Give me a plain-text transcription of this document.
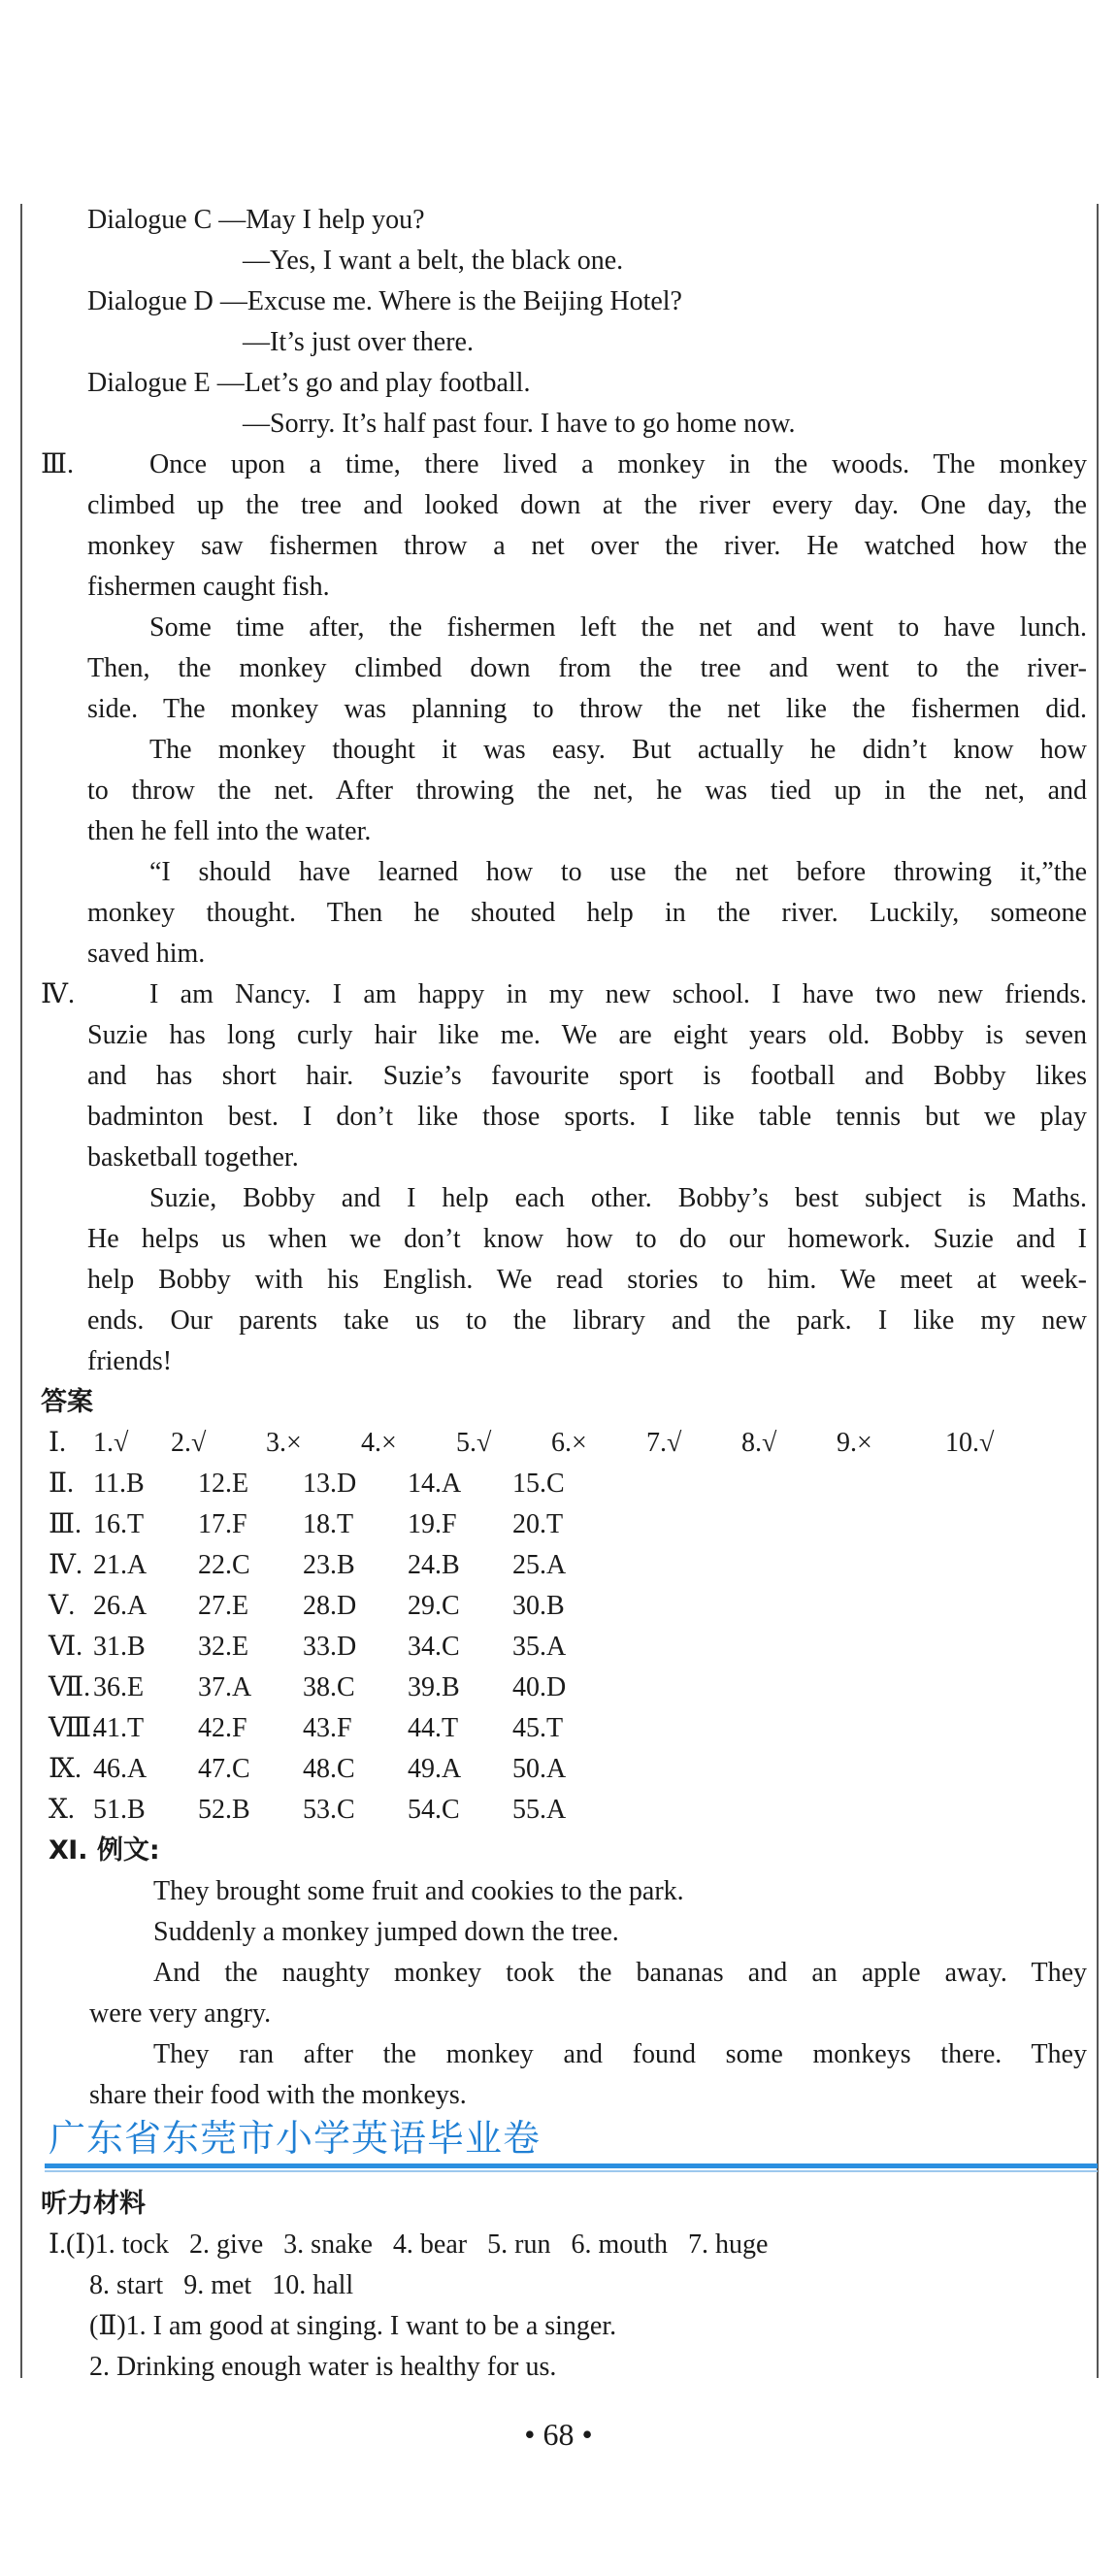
Dialogue C —May I help you?
—Yes, I want a belt, the black one.
Dialogue D —Excuse me. Where is the Beijing Hotel?
—It’s just over there.
Dialogue E —Let’s go and play football.
—Sorry. It’s half past four. I have to go home now.
Ⅲ.	Once upon a time, there lived a monkey in the woods. The monkey
climbed up the tree and looked down at the river every day. One day, the
monkey saw fishermen throw a net over the river. He watched how the
fishermen caught fish.
Some time after, the fishermen left the net and went to have lunch.
Then, the monkey climbed down from the tree and went to the river-
side. The monkey was planning to throw the net like the fishermen did.
The monkey thought it was easy. But actually he didn’t know how
to throw the net. After throwing the net, he was tied up in the net, and
then he fell into the water.
“I should have learned how to use the net before throwing it,”the
monkey thought. Then he shouted help in the river. Luckily, someone
saved him.
Ⅳ.	I am Nancy. I am happy in my new school. I have two new friends.
Suzie has long curly hair like me. We are eight years old. Bobby is seven
and has short hair. Suzie’s favourite sport is football and Bobby likes
badminton best. I don’t like those sports. I like table tennis but we play
basketball together.
Suzie, Bobby and I help each other. Bobby’s best subject is Maths.
He helps us when we don’t know how to do our homework. Suzie and I
help Bobby with his English. We read stories to him. We meet at week-
ends. Our parents take us to the library and the park. I like my new
friends!
答案
Ⅰ. 1.√ 2.√ 3.× 4.× 5.√ 6.× 7.√ 8.√ 9.×	10.√
Ⅱ. 11.B 12.E 13.D 14.A 15.C
Ⅲ. 16.T 17.F 18.T 19.F 20.T
Ⅳ. 21.A 22.C 23.B 24.B 25.A
Ⅴ. 26.A 27.E 28.D 29.C 30.B
Ⅵ. 31.B 32.E 33.D 34.C 35.A
Ⅶ. 36.E 37.A 38.C 39.B 40.D
Ⅷ.41.T 42.F 43.F 44.T 45.T
Ⅸ. 46.A 47.C 48.C 49.A 50.A
Ⅹ. 51.B 52.B 53.C 54.C 55.A
Ⅺ. 例文:
They brought some fruit and cookies to the park.
Suddenly a monkey jumped down the tree.
And the naughty monkey took the bananas and an apple away. They
were very angry.
They ran after the monkey and found some monkeys there. They
share their food with the monkeys.
广东省东莞市小学英语毕业卷
听力材料
Ⅰ.(Ⅰ)1. tock   2. give   3. snake   4. bear   5. run   6. mouth   7. huge
8. start   9. met   10. hall
(Ⅱ)1. I am good at singing. I want to be a singer.
2. Drinking enough water is healthy for us.
• 68 •
